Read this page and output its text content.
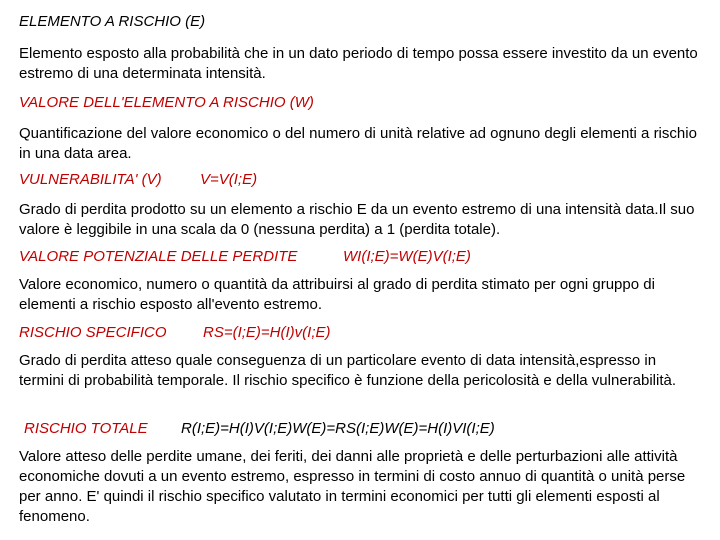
ELEMENTO A RISCHIO (E)
Elemento esposto alla probabilità che in un dato periodo di tempo possa essere investito da un evento estremo di una determinata intensità.
VALORE DELL'ELEMENTO A RISCHIO (W)
Quantificazione del valore economico o del numero di unità relative ad ognuno degli elementi a rischio in una data area.
VULNERABILITA' (V)	V=V(I;E)
Grado di perdita prodotto su un elemento a rischio E da un evento estremo di una intensità data.Il suo valore è leggibile in una scala da 0 (nessuna perdita) a 1 (perdita totale).
VALORE POTENZIALE DELLE PERDITE	WI(I;E)=W(E)V(I;E)
Valore economico, numero o quantità da attribuirsi al grado di perdita stimato per ogni gruppo di elementi a rischio esposto all'evento estremo.
RISCHIO SPECIFICO RS=(I;E)=H(I)v(I;E)
Grado di perdita atteso quale conseguenza di un particolare evento di data intensità,espresso in termini di probabilità temporale. Il rischio specifico è funzione della pericolosità e della vulnerabilità.
RISCHIO TOTALE R(I;E)=H(I)V(I;E)W(E)=RS(I;E)W(E)=H(I)VI(I;E)
Valore atteso delle perdite umane, dei feriti, dei danni alle proprietà e delle perturbazioni alle attività economiche dovuti a un evento estremo, espresso in termini di costo annuo di quantità o unità perse per anno. E' quindi il rischio specifico valutato in termini economici per tutti gli elementi esposti al fenomeno.
